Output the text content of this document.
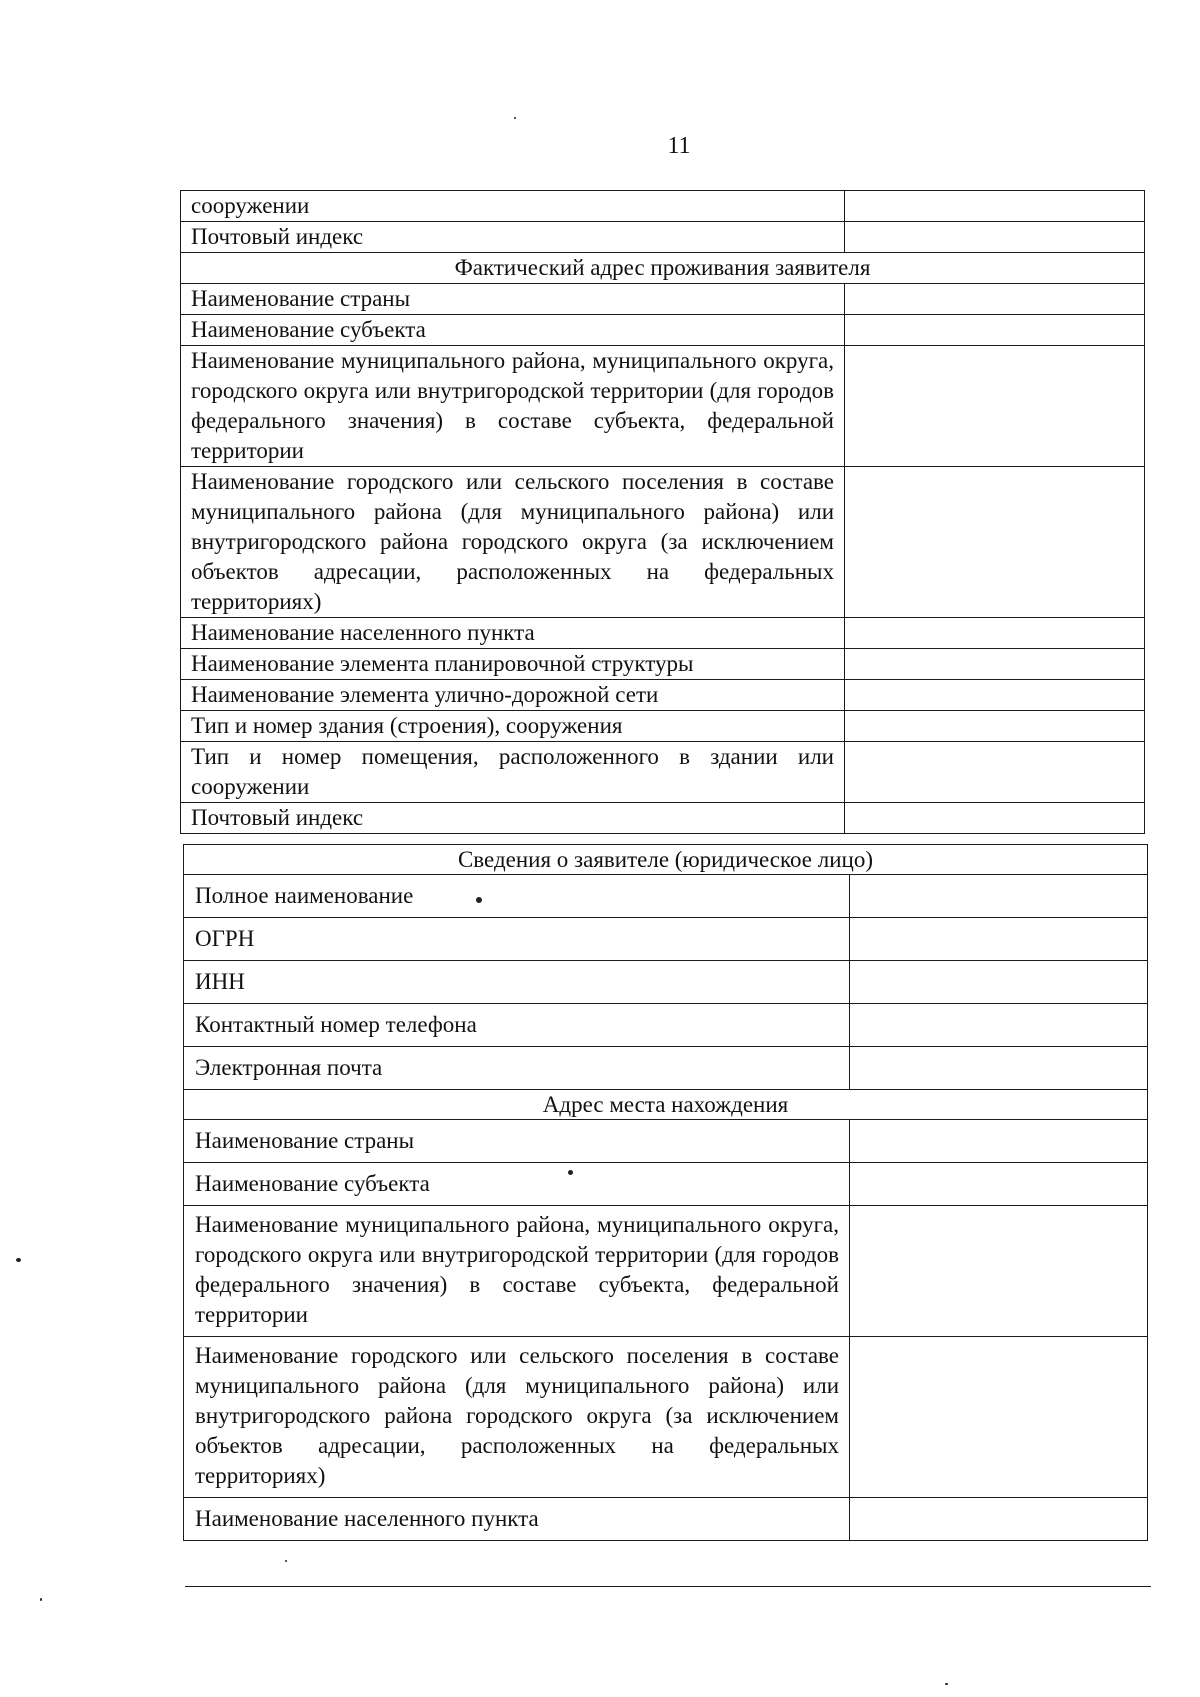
11
сооружении	
Почтовый индекс	
Фактический адрес проживания заявителя	
Наименование страны	
Наименование субъекта	
Наименование муниципального района, муниципального округа, городского округа или внутригородской территории (для городов федерального значения) в составе субъекта, федеральной территории	
Наименование городского или сельского поселения в составе муниципального района (для муниципального района) или внутригородского района городского округа (за исключением объектов адресации, расположенных на федеральных территориях)	
Наименование населенного пункта	
Наименование элемента планировочной структуры	
Наименование элемента улично-дорожной сети	
Тип и номер здания (строения), сооружения	
Тип и номер помещения, расположенного в здании или сооружении	
Почтовый индекс	
Сведения о заявителе (юридическое лицо)	
Полное наименование	
ОГРН	
ИНН	
Контактный номер телефона	
Электронная почта	
Адрес места нахождения	
Наименование страны	
Наименование субъекта	
Наименование муниципального района, муниципального округа, городского округа или внутригородской территории (для городов федерального значения) в составе субъекта, федеральной территории	
Наименование городского или сельского поселения в составе муниципального района (для муниципального района) или внутригородского района городского округа (за исключением объектов адресации, расположенных на федеральных территориях)	
Наименование населенного пункта	
